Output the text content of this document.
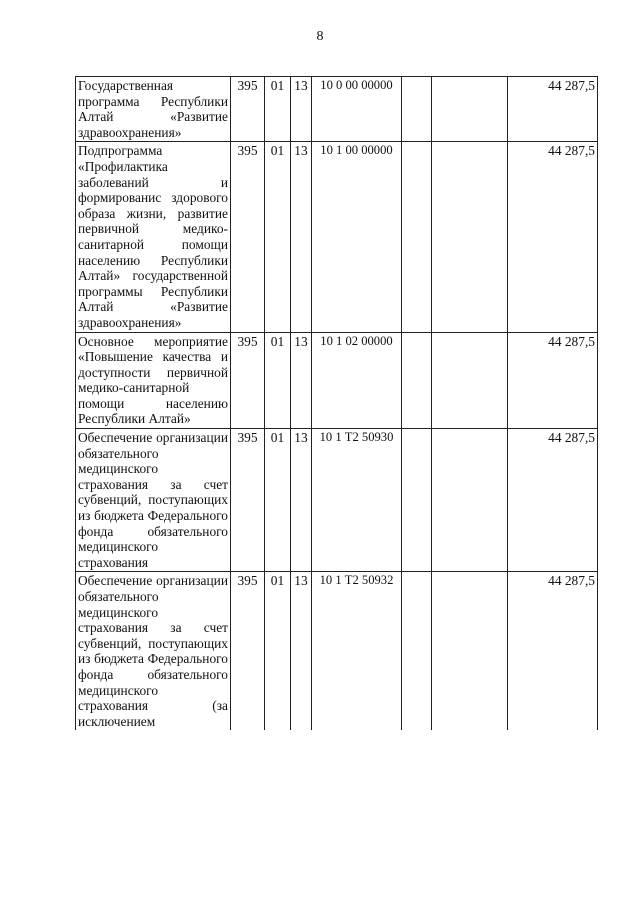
8
Государственная программа Республики Алтай «Развитие здравоохранения»	395	01	13	10 0 00 00000			44 287,5
Подпрограмма «Профилактика заболеваний и формированис здорового образа жизни, развитие первичной медико-санитарной помощи населению Республики Алтай» государственной программы Республики Алтай «Развитие здравоохранения»	395	01	13	10 1 00 00000			44 287,5
Основное мероприятие «Повышение качества и доступности первичной медико-санитарной помощи населению Республики Алтай»	395	01	13	10 1 02 00000			44 287,5
Обеспечение организации обязательного медицинского страхования за счет субвенций, поступающих из бюджета Федерального фонда обязательного медицинского страхования	395	01	13	10 1 Т2 50930			44 287,5
Обеспечение организации обязательного медицинского страхования за счет субвенций, поступающих из бюджета Федерального фонда обязательного медицинского страхования (за исключением	395	01	13	10 1 Т2 50932			44 287,5
